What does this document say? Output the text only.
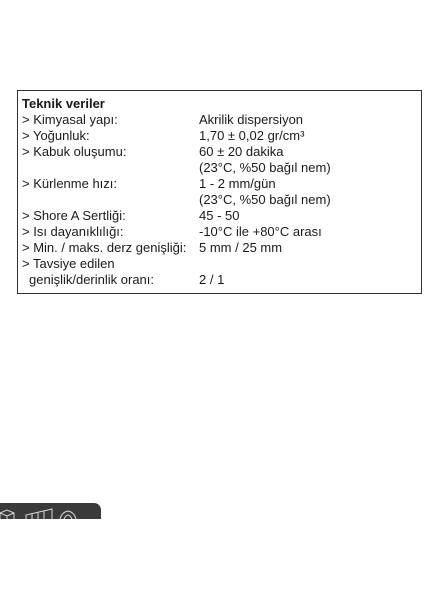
Teknik veriler
> Kimyasal yapı:	Akrilik dispersiyon
> Yoğunluk:	1,70 ± 0,02 gr/cm³
> Kabuk oluşumu:	60 ± 20 dakika
(23°C, %50 bağıl nem)
> Kürlenme hızı:	1 - 2 mm/gün
(23°C, %50 bağıl nem)
> Shore A Sertliği:	45 - 50
> Isı dayanıklılığı:	-10°C ile +80°C arası
> Min. / maks. derz genişliği: 5 mm / 25 mm
> Tavsiye edilen
genişlik/derinlik oranı:	2 / 1
